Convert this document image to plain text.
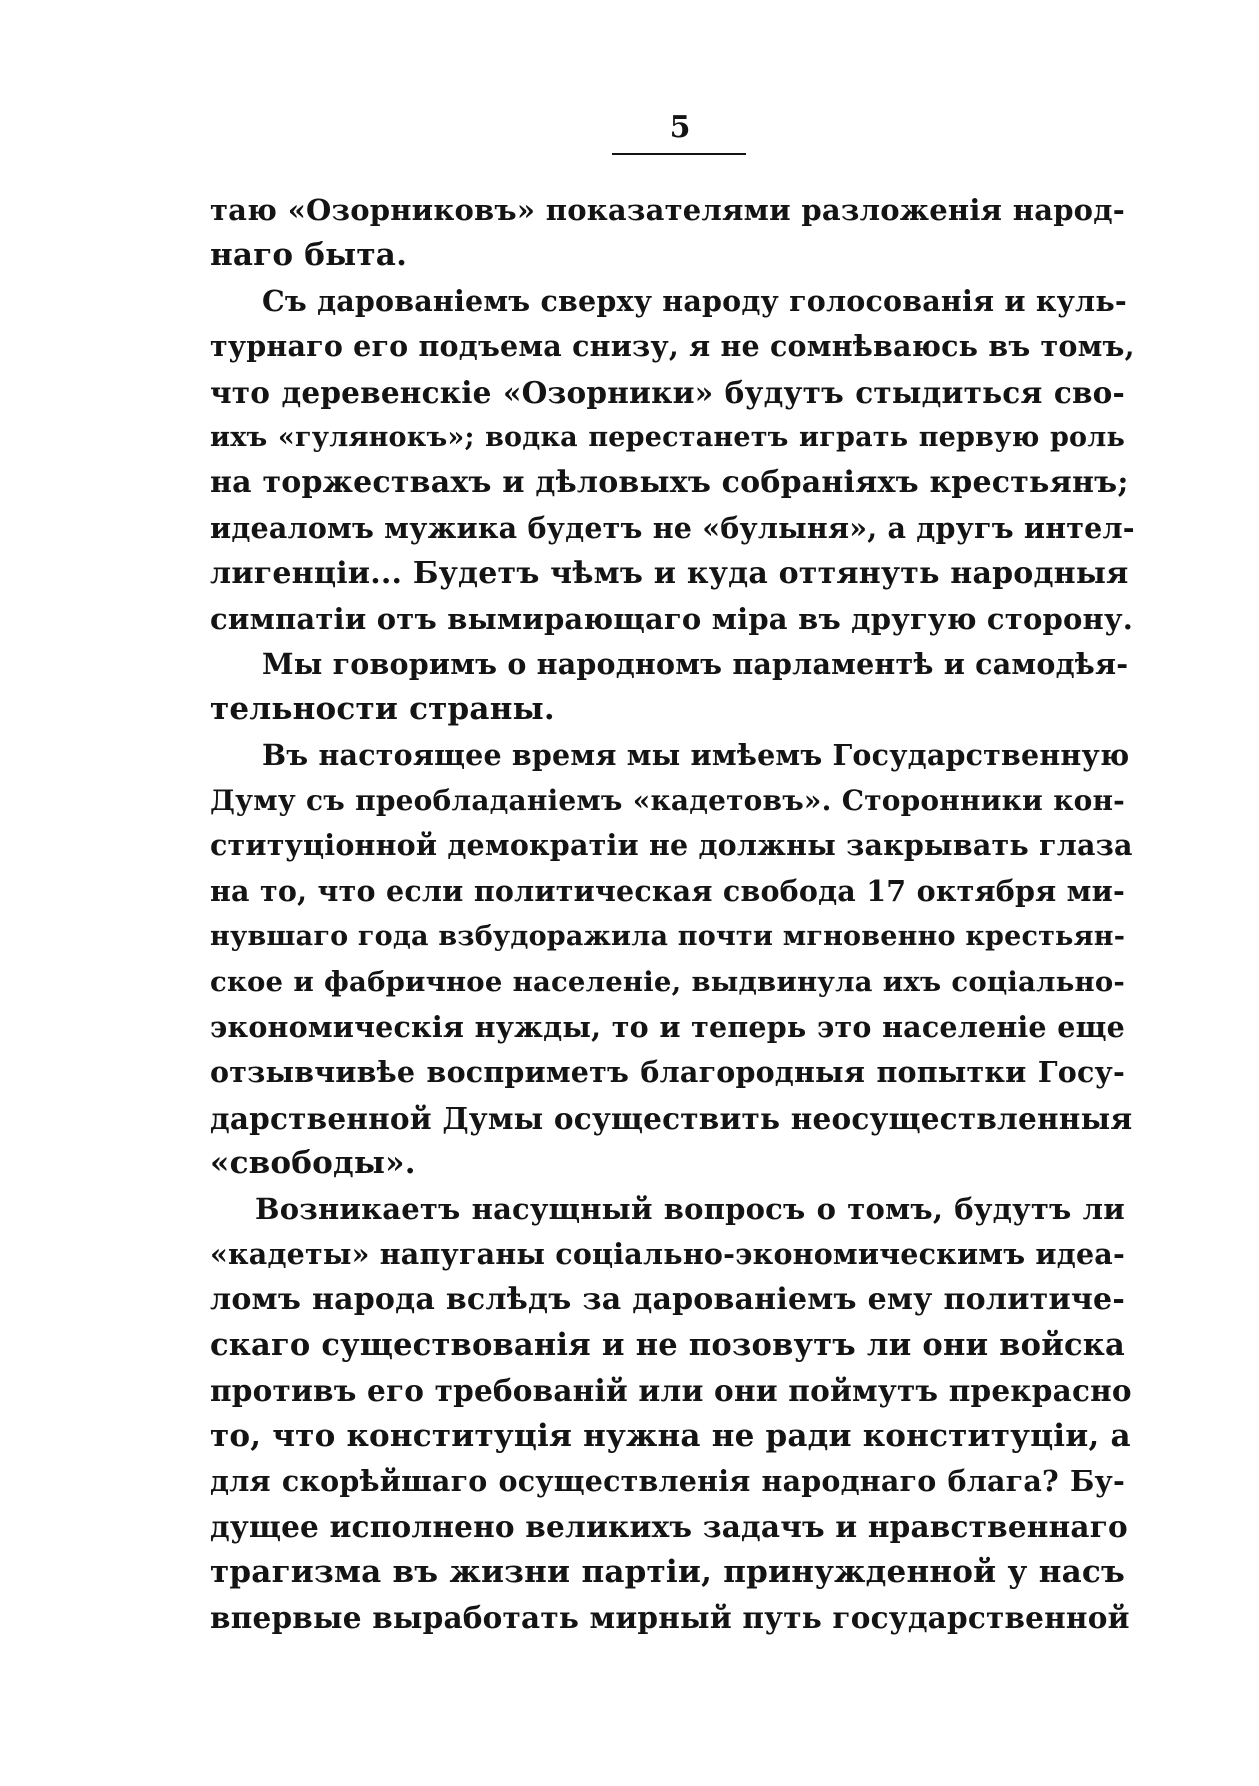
5
таю «Озорниковъ» показателями разложенія народ-
наго быта.
Съ дарованіемъ сверху народу голосованія и куль-
турнаго его подъема снизу, я не сомнѣваюсь въ томъ,
что деревенскіе «Озорники» будутъ стыдиться сво-
ихъ «гулянокъ»; водка перестанетъ играть первую роль
на торжествахъ и дѣловыхъ собраніяхъ крестьянъ;
идеаломъ мужика будетъ не «булыня», а другъ интел-
лигенціи... Будетъ чѣмъ и куда оттянуть народныя
симпатіи отъ вымирающаго міра въ другую сторону.
Мы говоримъ о народномъ парламентѣ и самодѣя-
тельности страны.
Въ настоящее время мы имѣемъ Государственную
Думу съ преобладаніемъ «кадетовъ». Сторонники кон-
ституціонной демократіи не должны закрывать глаза
на то, что если политическая свобода 17 октября ми-
нувшаго года взбудоражила почти мгновенно крестьян-
ское и фабричное населеніе, выдвинула ихъ соціально-
экономическія нужды, то и теперь это населеніе еще
отзывчивѣе восприметъ благородныя попытки Госу-
дарственной Думы осуществить неосуществленныя
«свободы».
Возникаетъ насущный вопросъ о томъ, будутъ ли
«кадеты» напуганы соціально-экономическимъ идеа-
ломъ народа вслѣдъ за дарованіемъ ему политиче-
скаго существованія и не позовутъ ли они войска
противъ его требованій или они поймутъ прекрасно
то, что конституція нужна не ради конституціи, а
для скорѣйшаго осуществленія народнаго блага? Бу-
дущее исполнено великихъ задачъ и нравственнаго
трагизма въ жизни партіи, принужденной у насъ
впервые выработать мирный путь государственной
